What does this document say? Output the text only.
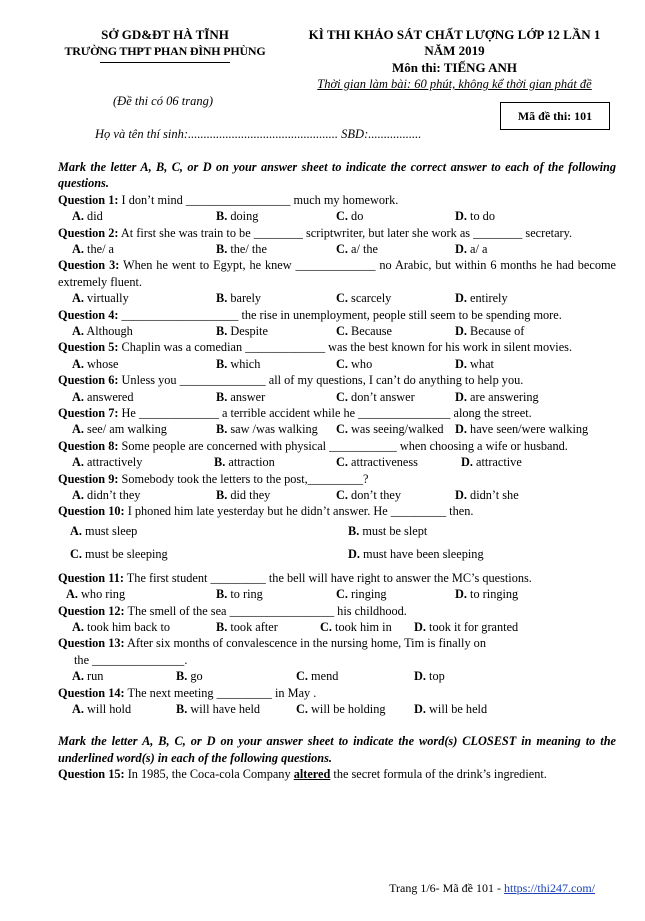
SỞ GD&ĐT HÀ TĨNH
TRƯỜNG THPT PHAN ĐÌNH PHÙNG
KÌ THI KHẢO SÁT CHẤT LƯỢNG LỚP 12 LẦN 1
NĂM 2019
Môn thi: TIẾNG ANH
Thời gian làm bài: 60 phút, không kể thời gian phát đề
(Đề thi có 06 trang)
Mã đề thi: 101
Họ và tên thí sinh:................................................ SBD:.................
Mark the letter A, B, C, or D on your answer sheet to indicate the correct answer to each of the following questions.
Question 1: I don’t mind _________________ much my homework.
A. did	B. doing	C. do	D. to do
Question 2: At first she was train to be ________ scriptwriter, but later she work as ________ secretary.
A. the/ a	B. the/ the	C. a/ the	D. a/ a
Question 3: When he went to Egypt, he knew _____________ no Arabic, but within 6 months he had become extremely fluent.
A. virtually	B. barely	C. scarcely	D. entirely
Question 4: ___________________ the rise in unemployment, people still seem to be spending more.
A. Although	B. Despite	C. Because	D. Because of
Question 5: Chaplin was a comedian _____________ was the best known for his work in silent movies.
A. whose	B. which	C. who	D. what
Question 6: Unless you ______________ all of my questions, I can’t do anything to help you.
A. answered	B. answer	C. don’t answer	D. are answering
Question 7: He _____________ a terrible accident while he _______________ along the street.
A. see/ am walking	B. saw /was walking C. was seeing/walked D. have seen/were walking
Question 8: Some people are concerned with physical ___________ when choosing a wife or husband.
A. attractively	B. attraction	C. attractiveness	D. attractive
Question 9: Somebody took the letters to the post,_________?
A. didn’t they	B. did they	C. don’t they	D. didn’t she
Question 10: I phoned him late yesterday but he didn’t answer. He _________ then.
A. must sleep	B. must be slept
C. must be sleeping	D. must have been sleeping
Question 11: The first student _________ the bell will have right to answer the MC’s questions.
A. who ring	B. to ring	C. ringing	D. to ringing
Question 12: The smell of the sea _________________ his childhood.
A. took him back to	B. took after	C. took him in D. took it for granted
Question 13: After six months of convalescence in the nursing home, Tim is finally on
the _______________.
A. run	B. go	C. mend	D. top
Question 14: The next meeting _________ in May .
A. will hold	B. will have held	C. will be holding D. will be held
Mark the letter A, B, C, or D on your answer sheet to indicate the word(s) CLOSEST in meaning to the underlined word(s) in each of the following questions.
Question 15: In 1985, the Coca-cola Company altered the secret formula of the drink’s ingredient.
Trang 1/6- Mã đề 101 - https://thi247.com/
